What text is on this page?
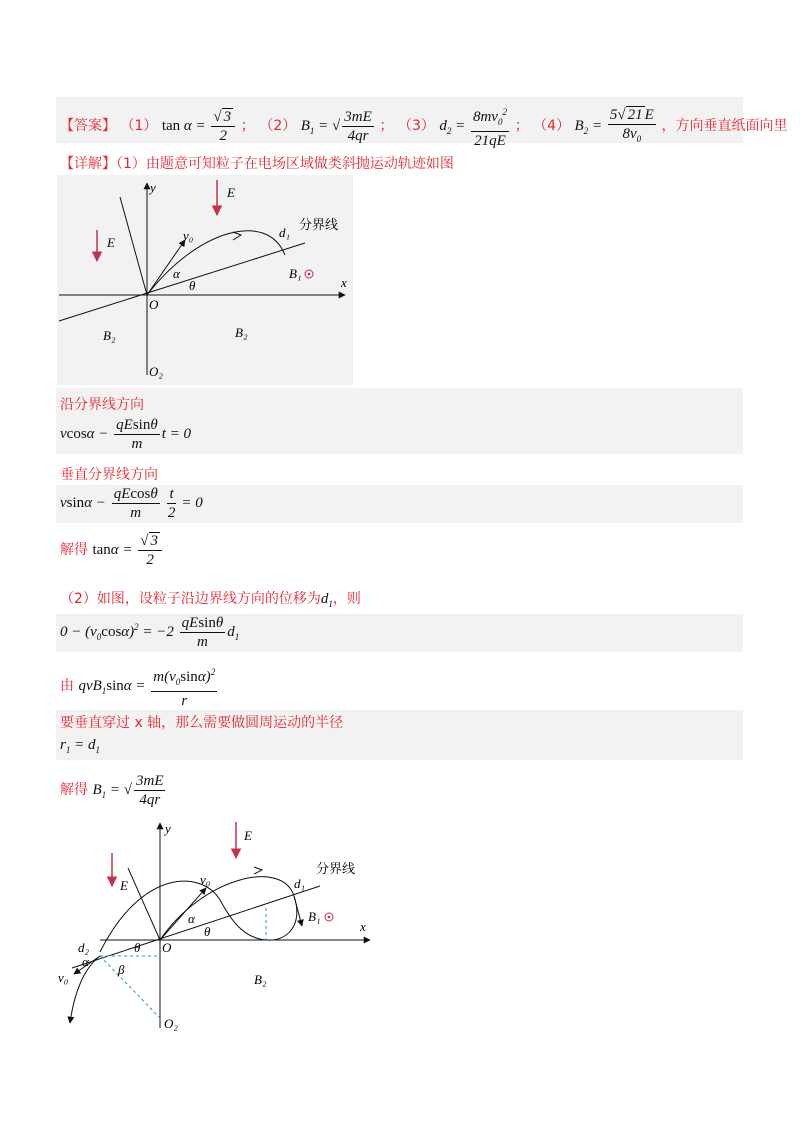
【答案】 （1） $\tan \alpha = \frac{√ 3}{2}$ ； （2） $B_1$ = √ $\frac{3mE}{4qr}$ ； （3） $d_2 = \frac{8mv_0^2}{21qE}$ ； （4） $B_2 = \frac{5√ 21 E}{8v_0}$ ，方向垂直纸面向里
【详解】（1）由题意可知粒子在电场区域做类斜抛运动轨迹如图
y
x
E
E	v₀
α
θ
d₁ 分界线
B₁
O
B₂	B₂
O₂
沿分界线方向
$vcos\alpha - \frac{qEsin\theta}{m}$ t = 0
垂直分界线方向
$vsin\alpha - \frac{qEcos\theta}{m}$
$\frac{t}{2} = 0$
解得 $\tan\alpha = \frac{√ 3}{2}$
（2）如图，设粒子沿边界线方向的位移为$d_1$，则
$0 - (v_0\cos\alpha)^2 = -2 \frac{qEsin\theta}{m} d_1$
由 $qvB_1\sin\alpha = \frac{m(v_0\sin\alpha)^2}{r}$
要垂直穿过 x 轴，那么需要做圆周运动的半径
$r_1 = d_1$
解得 $B_1$ = √ $\frac{3mE}{4qr}$
y
x
E
E	v₀
v₀
α
α
θ
θ
β
d₁
d₂
分界线
B₁
O
B₂
O₂
